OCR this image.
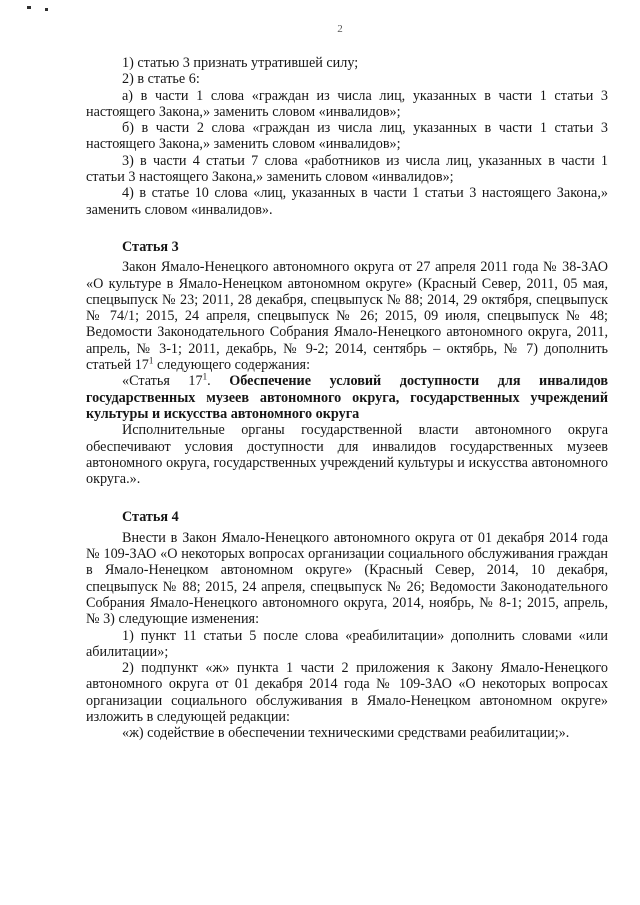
2

1) статью 3 признать утратившей силу;

2) в статье 6:

а) в части 1 слова «граждан из числа лиц, указанных в части 1 статьи 3 настоящего Закона,» заменить словом «инвалидов»;

б) в части 2 слова «граждан из числа лиц, указанных в части 1 статьи 3 настоящего Закона,» заменить словом «инвалидов»;

3) в части 4 статьи 7 слова «работников из числа лиц, указанных в части 1 статьи 3 настоящего Закона,» заменить словом «инвалидов»;

4) в статье 10 слова «лиц, указанных в части 1 статьи 3 настоящего Закона,» заменить словом «инвалидов».

Статья 3

Закон Ямало-Ненецкого автономного округа от 27 апреля 2011 года № 38-ЗАО «О культуре в Ямало-Ненецком автономном округе» (Красный Север, 2011, 05 мая, спецвыпуск № 23; 2011, 28 декабря, спецвыпуск № 88; 2014, 29 октября, спецвыпуск № 74/1; 2015, 24 апреля, спецвыпуск № 26; 2015, 09 июля, спецвыпуск № 48; Ведомости Законодательного Собрания Ямало-Ненецкого автономного округа, 2011, апрель, № 3-1; 2011, декабрь, № 9-2; 2014, сентябрь – октябрь, № 7) дополнить статьей $17^1$ следующего содержания:

«Статья $17^1$. Обеспечение условий доступности для инвалидов государственных музеев автономного округа, государственных учреждений культуры и искусства автономного округа

Исполнительные органы государственной власти автономного округа обеспечивают условия доступности для инвалидов государственных музеев автономного округа, государственных учреждений культуры и искусства автономного округа.».

Статья 4

Внести в Закон Ямало-Ненецкого автономного округа от 01 декабря 2014 года № 109-ЗАО «О некоторых вопросах организации социального обслуживания граждан в Ямало-Ненецком автономном округе» (Красный Север, 2014, 10 декабря, спецвыпуск № 88; 2015, 24 апреля, спецвыпуск № 26; Ведомости Законодательного Собрания Ямало-Ненецкого автономного округа, 2014, ноябрь, № 8-1; 2015, апрель, № 3) следующие изменения:

1) пункт 11 статьи 5 после слова «реабилитации» дополнить словами «или абилитации»;

2) подпункт «ж» пункта 1 части 2 приложения к Закону Ямало-Ненецкого автономного округа от 01 декабря 2014 года № 109-ЗАО «О некоторых вопросах организации социального обслуживания в Ямало-Ненецком автономном округе» изложить в следующей редакции:

«ж) содействие в обеспечении техническими средствами реабилитации;».
